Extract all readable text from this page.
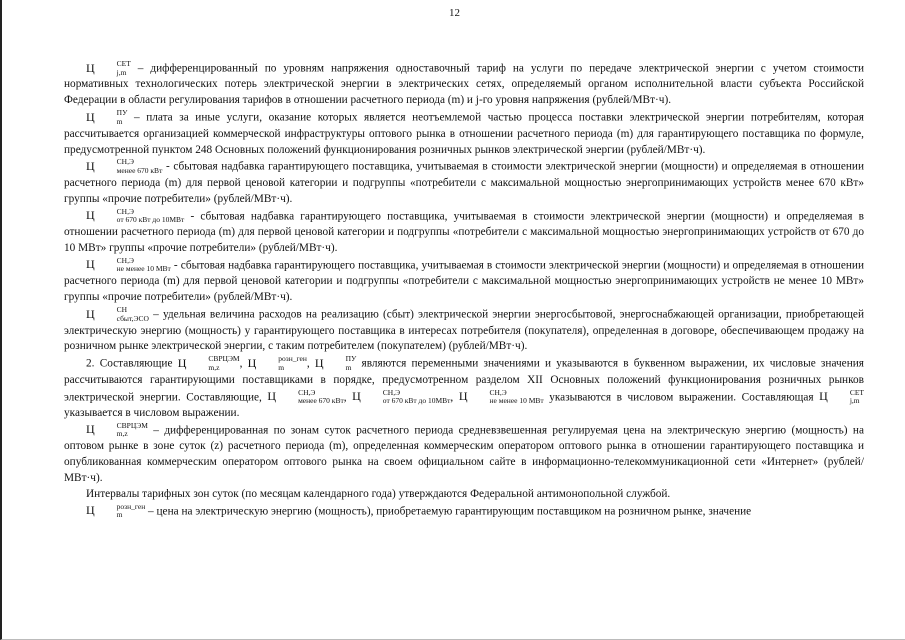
12

Ц	СЕТ
j,m – дифференцированный по уровням напряжения одноставочный тариф на услуги по передаче электрической энергии с учетом стоимости нормативных технологических потерь электрической энергии в электрических сетях, определяемый органом исполнительной власти субъекта Российской Федерации в области регулирования тарифов в отношении расчетного периода (m) и j-го уровня напряжения (рублей/МВт·ч).

Ц	ПУ
m – плата за иные услуги, оказание которых является неотъемлемой частью процесса поставки электрической энергии потребителям, которая рассчитывается организацией коммерческой инфраструктуры оптового рынка в отношении расчетного периода (m) для гарантирующего поставщика по формуле, предусмотренной пунктом 248 Основных положений функционирования розничных рынков электрической энергии (рублей/МВт·ч).

Ц	СН,Э
менее 670 кВт - сбытовая надбавка гарантирующего поставщика, учитываемая в стоимости электрической энергии (мощности) и определяемая в отношении расчетного периода (m) для первой ценовой категории и подгруппы «потребители с максимальной мощностью энергопринимающих устройств менее 670 кВт» группы «прочие потребители» (рублей/МВт·ч).

Ц	СН,Э
от 670 кВт до 10МВт - сбытовая надбавка гарантирующего поставщика, учитываемая в стоимости электрической энергии (мощности) и определяемая в отношении расчетного периода (m) для первой ценовой категории и подгруппы «потребители с максимальной мощностью энергопринимающих устройств от 670 до 10 МВт» группы «прочие потребители» (рублей/МВт·ч).

Ц	СН,Э
не менее 10 МВт - сбытовая надбавка гарантирующего поставщика, учитываемая в стоимости электрической энергии (мощности) и определяемая в отношении расчетного периода (m) для первой ценовой категории и подгруппы «потребители с максимальной мощностью энергопринимающих устройств не менее 10 МВт» группы «прочие потребители» (рублей/МВт·ч).

Ц	СН
сбыт,ЭСО – удельная величина расходов на реализацию (сбыт) электрической энергии энергосбытовой, энергоснабжающей организации, приобретающей электрическую энергию (мощность) у гарантирующего поставщика в интересах потребителя (покупателя), определенная в договоре, обеспечивающем продажу на розничном рынке электрической энергии, с таким потребителем (покупателем) (рублей/МВт·ч).

2. Составляющие Ц	СВРЦЭМ
m,z	, Ц	розн_ген
m	, Ц	ПУ
m являются переменными значениями и указываются в буквенном выражении, их числовые значения рассчитываются гарантирующими поставщиками в порядке, предусмотренном разделом XII Основных положений функционирования розничных рынков электрической энергии. Составляющие, Ц	СН,Э
менее 670 кВт , Ц	СН,Э
от 670 кВт до 10МВт , Ц	СН,Э
не менее 10 МВт указываются в числовом выражении. Составляющая Ц	СЕТ
j,m
указывается в числовом выражении.

Ц	СВРЦЭМ
m,z	– дифференцированная по зонам суток расчетного периода средневзвешенная регулируемая цена на электрическую энергию (мощность) на оптовом рынке в зоне суток (z) расчетного периода (m), определенная коммерческим оператором оптового рынка в отношении гарантирующего поставщика и опубликованная коммерческим оператором оптового рынка на своем официальном сайте в информационно-телекоммуникационной сети «Интернет» (рублей/МВт·ч).

Интервалы тарифных зон суток (по месяцам календарного года) утверждаются Федеральной антимонопольной службой.

Ц	розн_ген
m	– цена на электрическую энергию (мощность), приобретаемую гарантирующим поставщиком на розничном рынке, значение
